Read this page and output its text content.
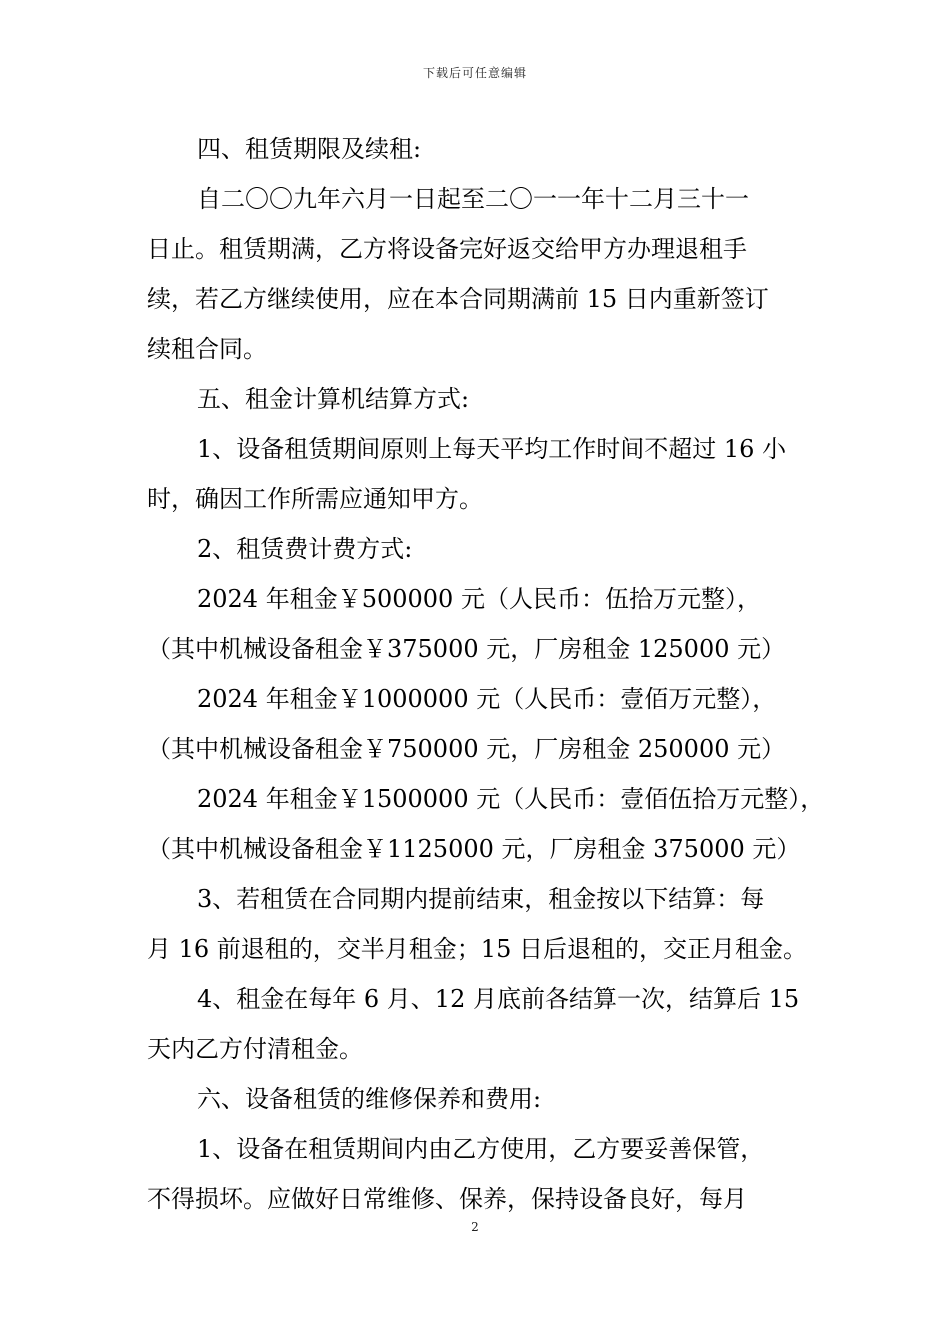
下载后可任意编辑
四、租赁期限及续租:
自二〇〇九年六月一日起至二〇一一年十二月三十一
日止。租赁期满，乙方将设备完好返交给甲方办理退租手
续，若乙方继续使用，应在本合同期满前 15 日内重新签订
续租合同。
五、租金计算机结算方式:
1、设备租赁期间原则上每天平均工作时间不超过 16 小
时，确因工作所需应通知甲方。
2、租赁费计费方式:
2024 年租金￥500000 元（人民币：伍拾万元整），
（其中机械设备租金￥375000 元，厂房租金 125000 元）
2024 年租金￥1000000 元（人民币：壹佰万元整），
（其中机械设备租金￥750000 元，厂房租金 250000 元）
2024 年租金￥1500000 元（人民币：壹佰伍拾万元整），
（其中机械设备租金￥1125000 元，厂房租金 375000 元）
3、若租赁在合同期内提前结束，租金按以下结算：每
月 16 前退租的，交半月租金；15 日后退租的，交正月租金。
4、租金在每年 6 月、12 月底前各结算一次，结算后 15
天内乙方付清租金。
六、设备租赁的维修保养和费用:
1、设备在租赁期间内由乙方使用，乙方要妥善保管，
不得损坏。应做好日常维修、保养，保持设备良好，每月
2
